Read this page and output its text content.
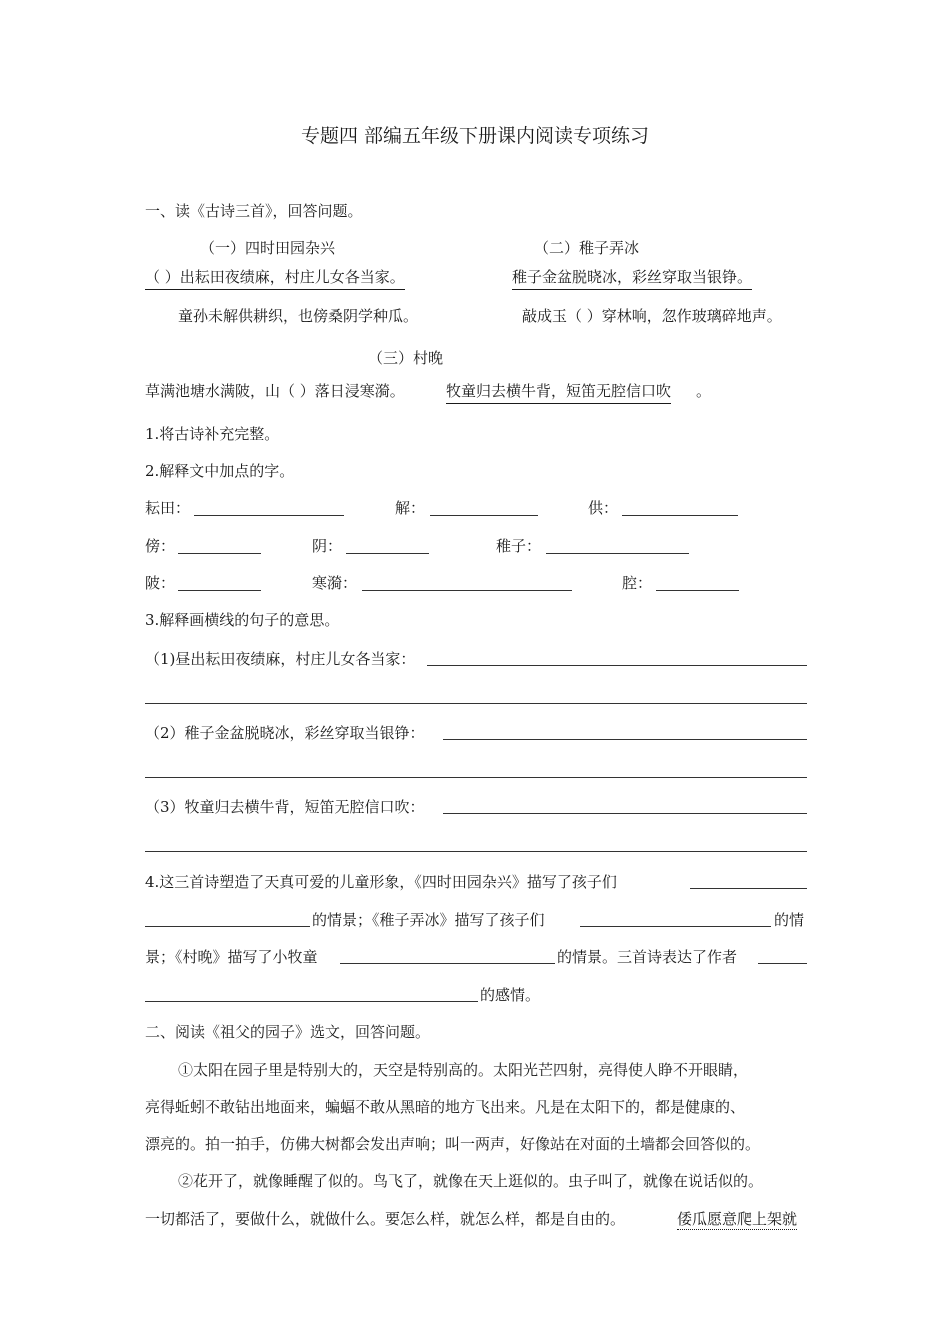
专题四 部编五年级下册课内阅读专项练习
一、读《古诗三首》，回答问题。
（一）四时田园杂兴	（二）稚子弄冰
（ ）出耘田夜绩麻，村庄儿女各当家。	稚子金盆脱晓冰，彩丝穿取当银铮。
童孙未解供耕织，也傍桑阴学种瓜。	敲成玉（ ）穿林响，忽作玻璃碎地声。
（三）村晚
草满池塘水满陂，山（ ）落日浸寒漪。	牧童归去横牛背，短笛无腔信口吹 。
1.将古诗补充完整。
2.解释文中加点的字。
耘田：	解：	供：
傍：	阴：	稚子：
陂：	寒漪：	腔：
3.解释画横线的句子的意思。
（1)昼出耘田夜绩麻，村庄儿女各当家：
（2）稚子金盆脱晓冰，彩丝穿取当银铮：
（3）牧童归去横牛背，短笛无腔信口吹：
4.这三首诗塑造了天真可爱的儿童形象，《四时田园杂兴》描写了孩子们
的情景；《稚子弄冰》描写了孩子们	的情
景；《村晚》描写了小牧童	的情景。三首诗表达了作者
的感情。
二、阅读《祖父的园子》选文，回答问题。
①太阳在园子里是特别大的，天空是特别高的。太阳光芒四射，亮得使人睁不开眼睛，
亮得蚯蚓不敢钻出地面来，蝙蝠不敢从黑暗的地方飞出来。凡是在太阳下的，都是健康的、
漂亮的。拍一拍手，仿佛大树都会发出声响；叫一两声，好像站在对面的土墙都会回答似的。
②花开了，就像睡醒了似的。鸟飞了，就像在天上逛似的。虫子叫了，就像在说话似的。
一切都活了，要做什么，就做什么。要怎么样，就怎么样，都是自由的。	倭瓜愿意爬上架就
